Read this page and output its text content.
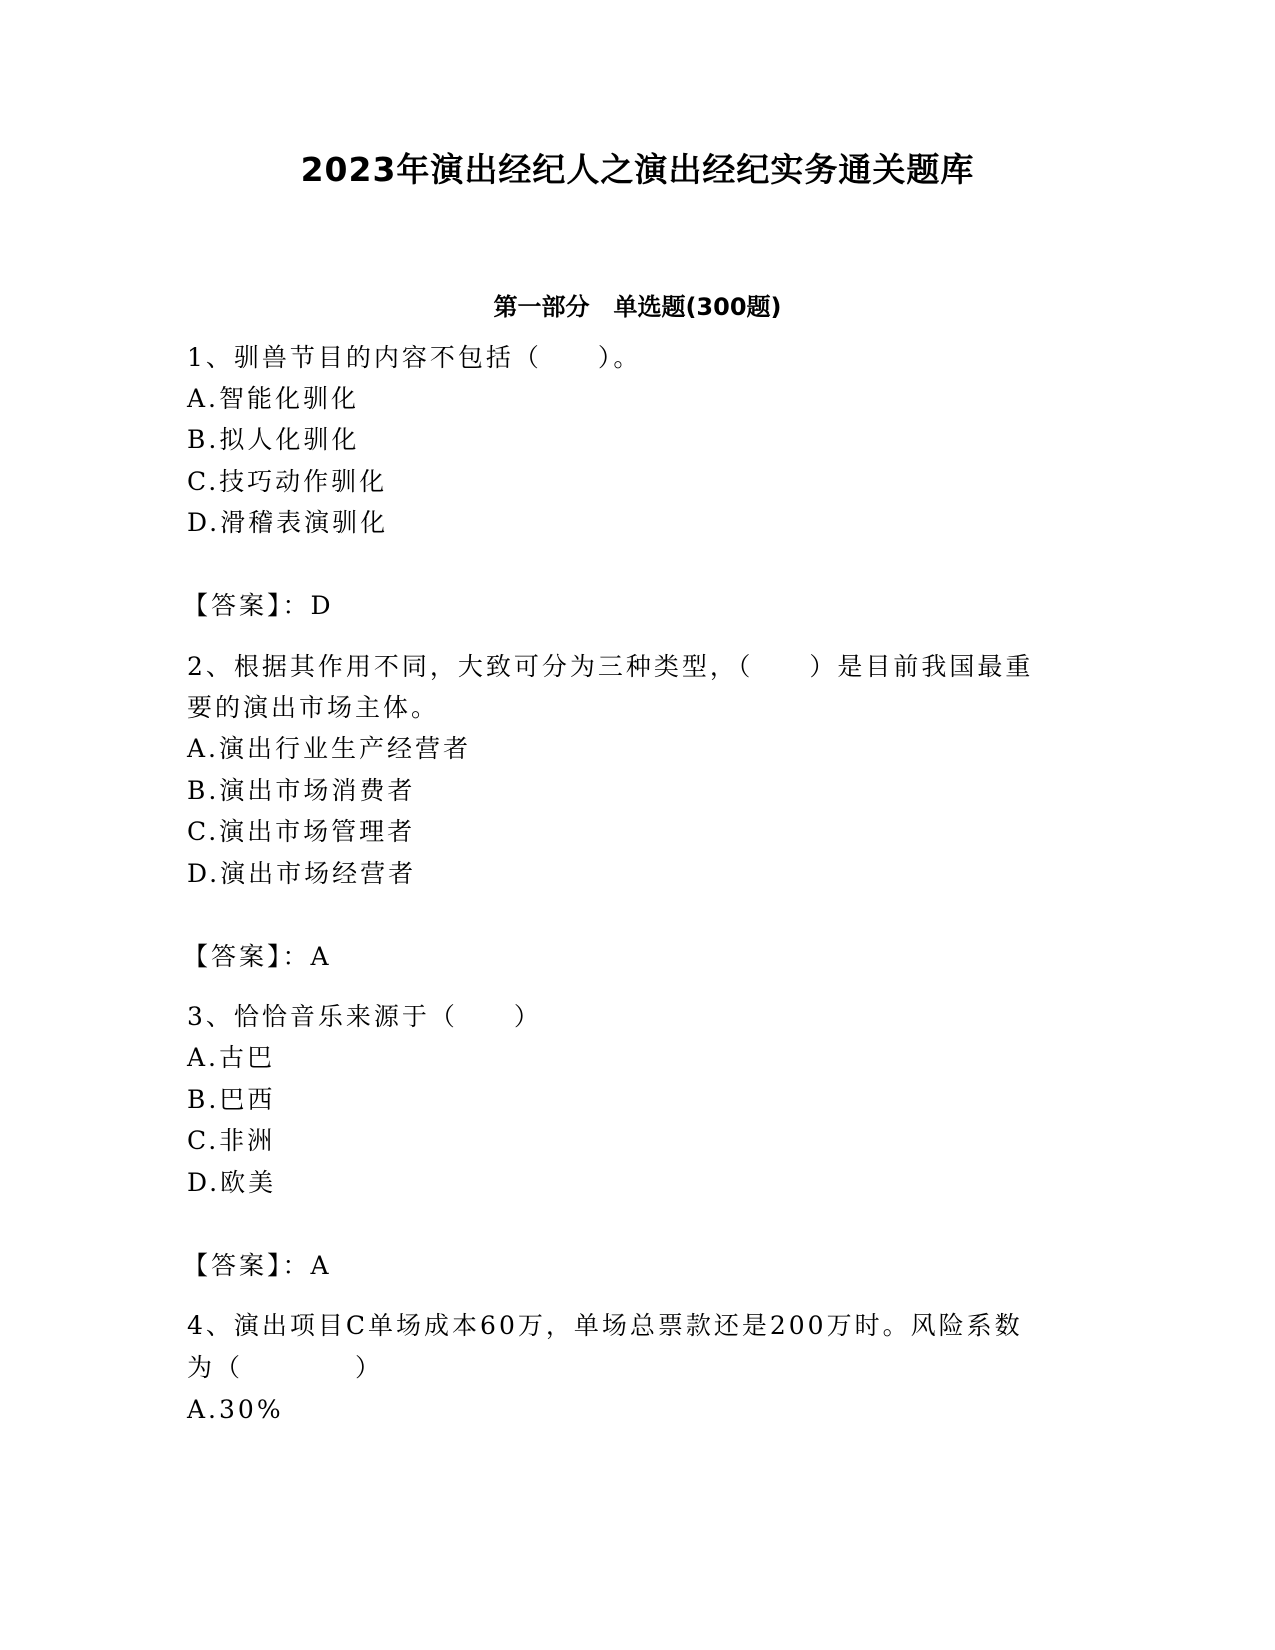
2023年演出经纪人之演出经纪实务通关题库
第一部分　单选题(300题)
1、驯兽节目的内容不包括（　　）。
A.智能化驯化
B.拟人化驯化
C.技巧动作驯化
D.滑稽表演驯化
【答案】：D
2、根据其作用不同，大致可分为三种类型，（　　）是目前我国最重
要的演出市场主体。
A.演出行业生产经营者
B.演出市场消费者
C.演出市场管理者
D.演出市场经营者
【答案】：A
3、恰恰音乐来源于（　　）
A.古巴
B.巴西
C.非洲
D.欧美
【答案】：A
4、演出项目C单场成本60万，单场总票款还是200万时。风险系数
为（　　　　）
A.30%
